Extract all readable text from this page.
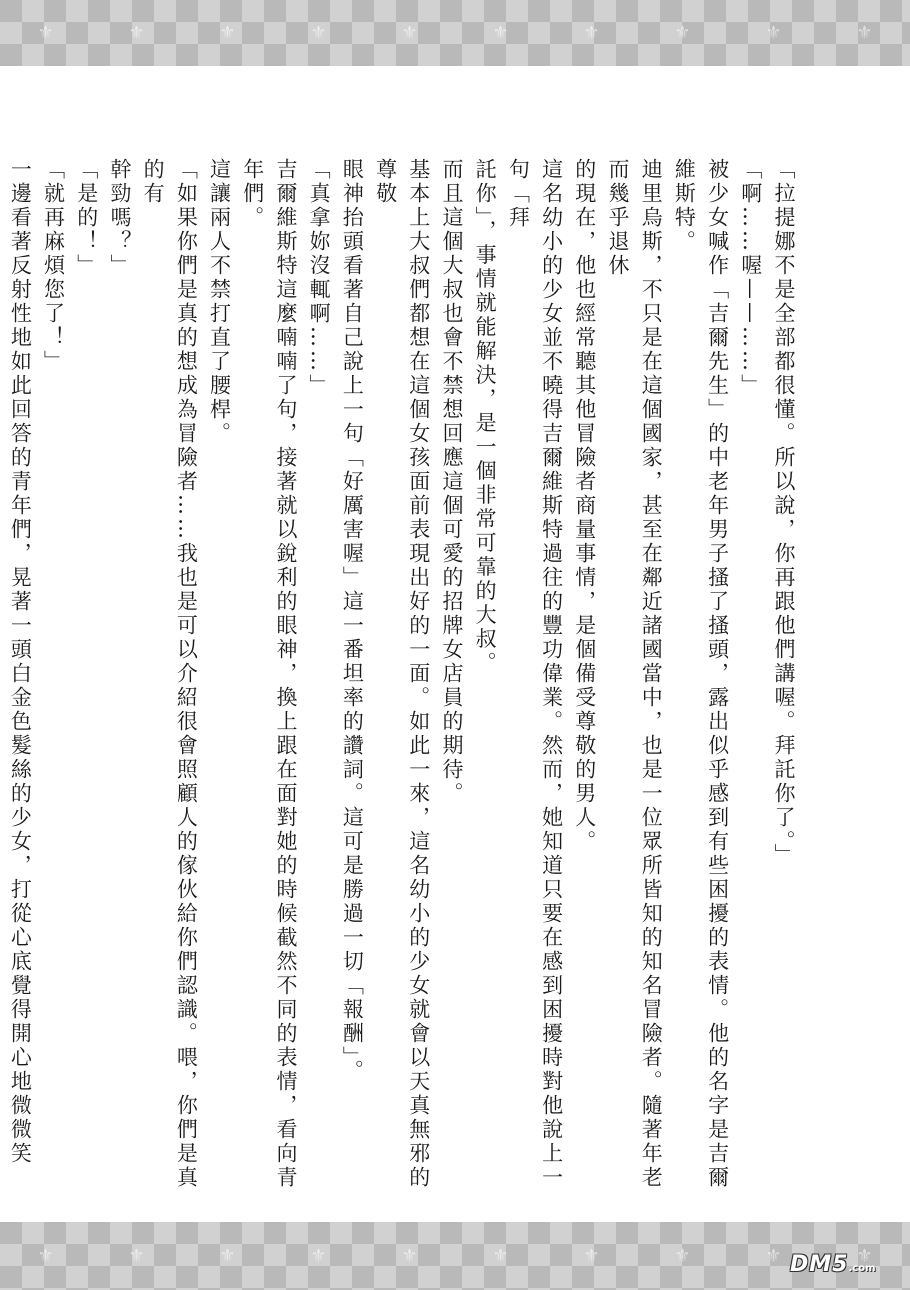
⚜	⚜	⚜	⚜	⚜	⚜	⚜	⚜	⚜	⚜

「拉提娜不是全部都很懂。所以說，你再跟他們講喔。拜託你了。」

「啊……喔——……」

被少女喊作「吉爾先生」的中老年男子搔了搔頭，露出似乎感到有些困擾的表情。他的名字是吉爾維斯特。

迪里烏斯，不只是在這個國家，甚至在鄰近諸國當中，也是一位眾所皆知的知名冒險者。隨著年老而幾乎退休

的現在，他也經常聽其他冒險者商量事情，是個備受尊敬的男人。

這名幼小的少女並不曉得吉爾維斯特過往的豐功偉業。然而，她知道只要在感到困擾時對他說上一句「拜

託你」，事情就能解決，是一個非常可靠的大叔。

而且這個大叔也會不禁想回應這個可愛的招牌女店員的期待。

基本上大叔們都想在這個女孩面前表現出好的一面。如此一來，這名幼小的少女就會以天真無邪的尊敬

眼神抬頭看著自己說上一句「好厲害喔」這一番坦率的讚詞。這可是勝過一切「報酬」。

「真拿妳沒輒啊……」

吉爾維斯特這麼喃喃了句，接著就以銳利的眼神，換上跟在面對她的時候截然不同的表情，看向青年們。

這讓兩人不禁打直了腰桿。

「如果你們是真的想成為冒險者……我也是可以介紹很會照顧人的傢伙給你們認識。喂，你們是真的有

幹勁嗎？」

「是的！」

「就再麻煩您了！」

一邊看著反射性地如此回答的青年們，晃著一頭白金色髮絲的少女，打從心底覺得開心地微微笑

⚜	⚜	⚜	⚜	⚜	⚜	⚜	⚜	⚜	⚜
DM5.com
